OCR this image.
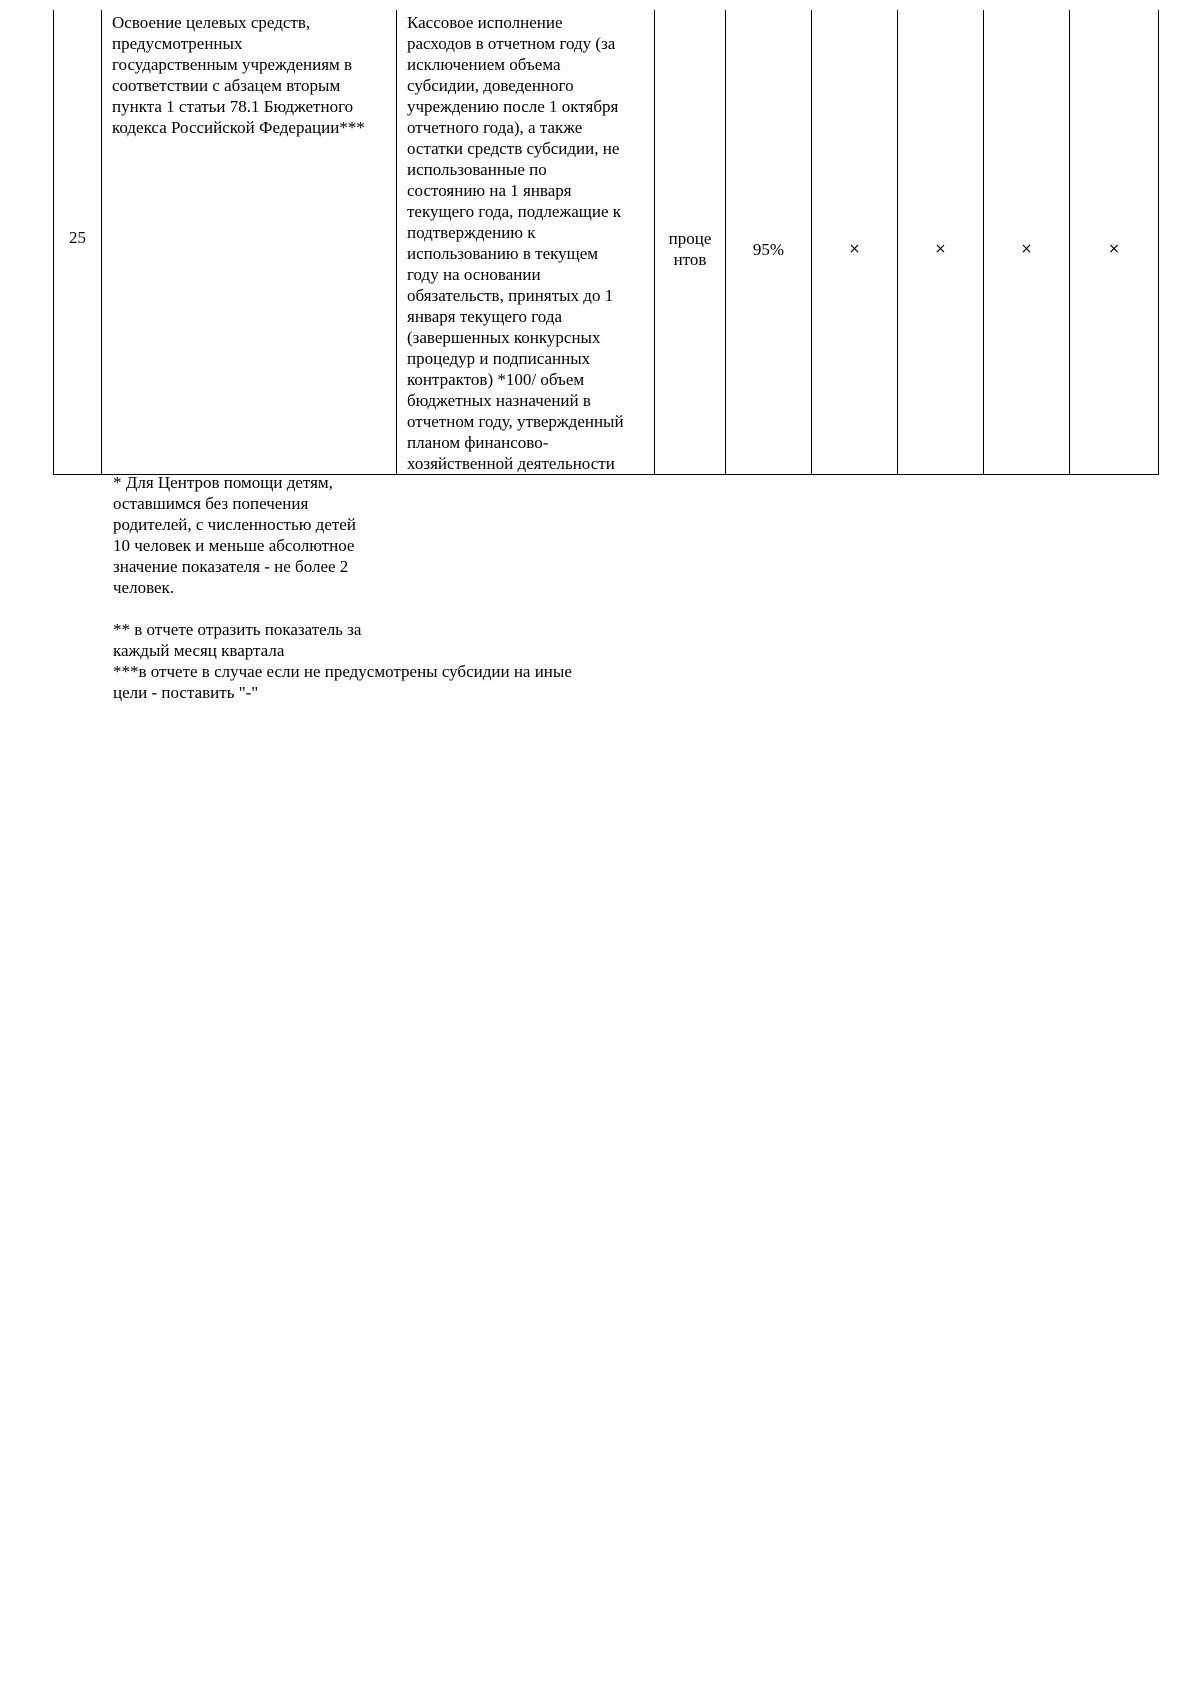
25	Освоение целевых средств,
предусмотренных
государственным учреждениям в
соответствии с абзацем вторым
пункта 1 статьи 78.1 Бюджетного
кодекса Российской Федерации***	Кассовое исполнение
расходов в отчетном году (за
исключением объема
субсидии, доведенного
учреждению после 1 октября
отчетного года), а также
остатки средств субсидии, не
использованные по
состоянию на 1 января
текущего года, подлежащие к
подтверждению к
использованию в текущем
году на основании
обязательств, принятых до 1
января текущего года
(завершенных конкурсных
процедур и подписанных
контрактов) *100/ объем
бюджетных назначений в
отчетном году, утвержденный
планом финансово-
хозяйственной деятельности	проце
нтов	95%	×	×	×	×

* Для Центров помощи детям,
оставшимся без попечения
родителей, с численностью детей
10 человек и меньше абсолютное
значение показателя - не более 2
человек.

** в отчете отразить показатель за
каждый месяц квартала

***в отчете в случае если не предусмотрены субсидии на иные
цели - поставить "-"
